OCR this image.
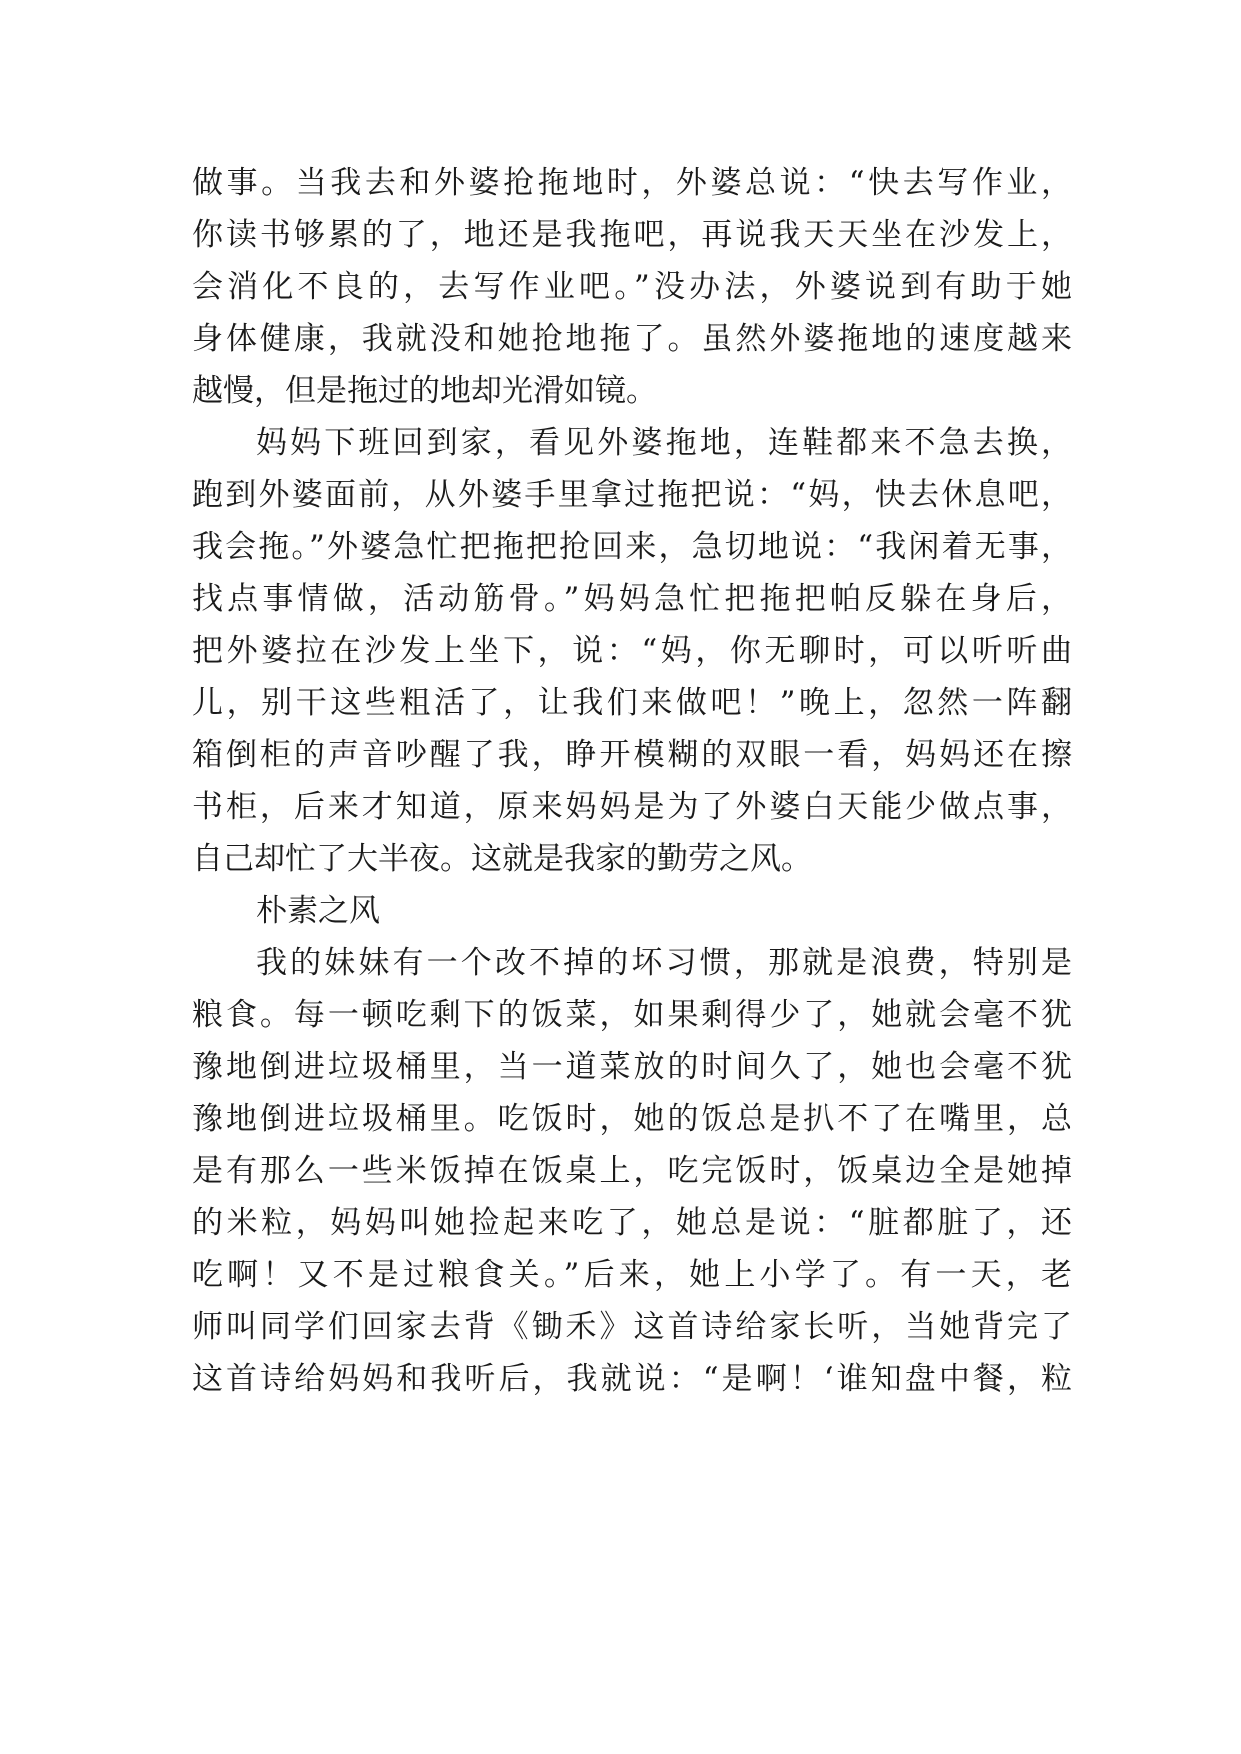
做事。当我去和外婆抢拖地时，外婆总说：“快去写作业，
你读书够累的了，地还是我拖吧，再说我天天坐在沙发上，
会消化不良的，去写作业吧。”没办法，外婆说到有助于她
身体健康，我就没和她抢地拖了。虽然外婆拖地的速度越来
越慢，但是拖过的地却光滑如镜。
妈妈下班回到家，看见外婆拖地，连鞋都来不急去换，
跑到外婆面前，从外婆手里拿过拖把说：“妈，快去休息吧，
我会拖。”外婆急忙把拖把抢回来，急切地说：“我闲着无事，
找点事情做，活动筋骨。”妈妈急忙把拖把帕反躲在身后，
把外婆拉在沙发上坐下，说：“妈，你无聊时，可以听听曲
儿，别干这些粗活了，让我们来做吧！”晚上，忽然一阵翻
箱倒柜的声音吵醒了我，睁开模糊的双眼一看，妈妈还在擦
书柜，后来才知道，原来妈妈是为了外婆白天能少做点事，
自己却忙了大半夜。这就是我家的勤劳之风。
朴素之风
我的妹妹有一个改不掉的坏习惯，那就是浪费，特别是
粮食。每一顿吃剩下的饭菜，如果剩得少了，她就会毫不犹
豫地倒进垃圾桶里，当一道菜放的时间久了，她也会毫不犹
豫地倒进垃圾桶里。吃饭时，她的饭总是扒不了在嘴里，总
是有那么一些米饭掉在饭桌上，吃完饭时，饭桌边全是她掉
的米粒，妈妈叫她捡起来吃了，她总是说：“脏都脏了，还
吃啊！又不是过粮食关。”后来，她上小学了。有一天，老
师叫同学们回家去背《锄禾》这首诗给家长听，当她背完了
这首诗给妈妈和我听后，我就说：“是啊！‘谁知盘中餐，粒
